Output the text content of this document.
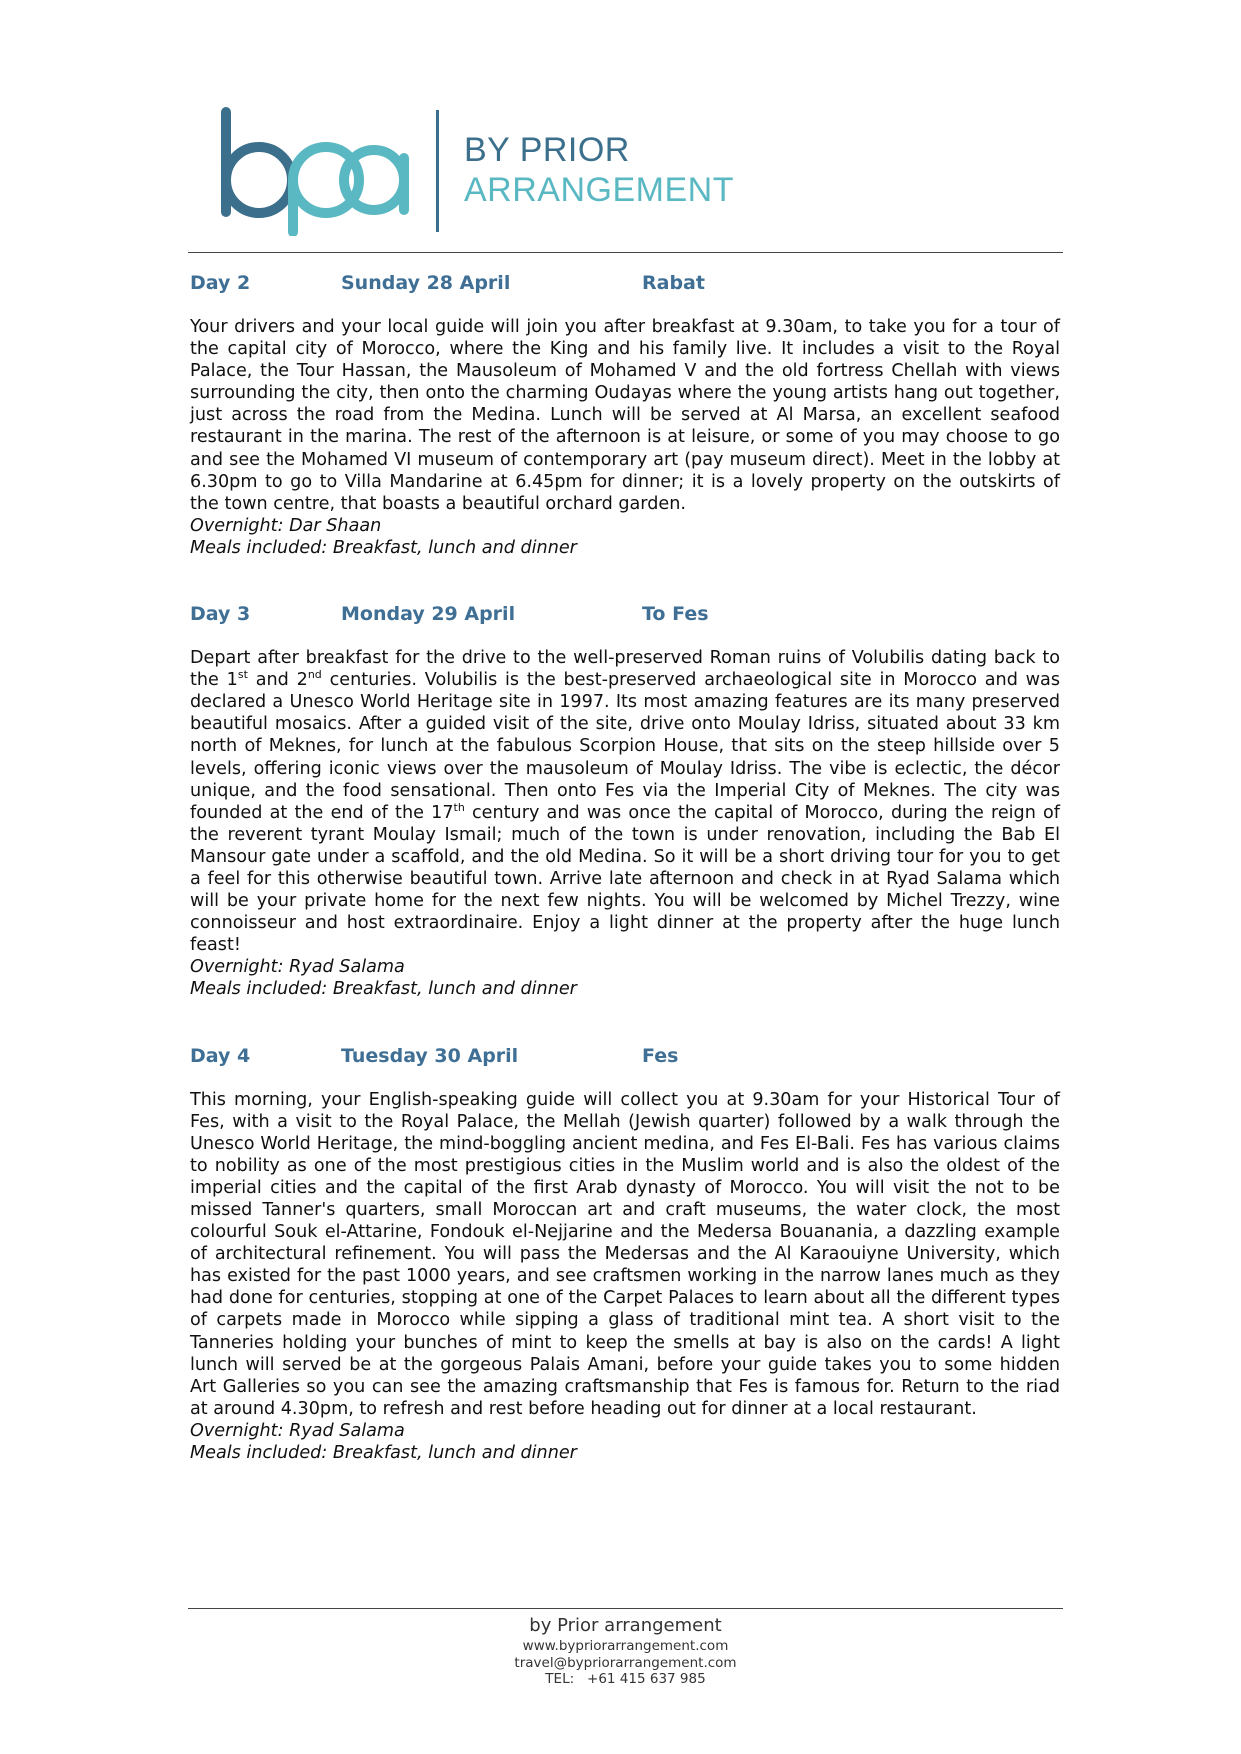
BY PRIOR
ARRANGEMENT
Day 2	Sunday 28 April	Rabat

Your drivers and your local guide will join you after breakfast at 9.30am, to take you for a tour of the capital city of Morocco, where the King and his family live. It includes a visit to the Royal Palace, the Tour Hassan, the Mausoleum of Mohamed V and the old fortress Chellah with views surrounding the city, then onto the charming Oudayas where the young artists hang out together, just across the road from the Medina. Lunch will be served at Al Marsa, an excellent seafood restaurant in the marina. The rest of the afternoon is at leisure, or some of you may choose to go and see the Mohamed VI museum of contemporary art (pay museum direct). Meet in the lobby at 6.30pm to go to Villa Mandarine at 6.45pm for dinner; it is a lovely property on the outskirts of the town centre, that boasts a beautiful orchard garden.

Overnight: Dar Shaan

Meals included: Breakfast, lunch and dinner

Day 3	Monday 29 April	To Fes

Depart after breakfast for the drive to the well-preserved Roman ruins of Volubilis dating back to the 1st and 2nd centuries. Volubilis is the best-preserved archaeological site in Morocco and was declared a Unesco World Heritage site in 1997. Its most amazing features are its many preserved beautiful mosaics. After a guided visit of the site, drive onto Moulay Idriss, situated about 33 km north of Meknes, for lunch at the fabulous Scorpion House, that sits on the steep hillside over 5 levels, offering iconic views over the mausoleum of Moulay Idriss. The vibe is eclectic, the décor unique, and the food sensational. Then onto Fes via the Imperial City of Meknes. The city was founded at the end of the 17th century and was once the capital of Morocco, during the reign of the reverent tyrant Moulay Ismail; much of the town is under renovation, including the Bab El Mansour gate under a scaffold, and the old Medina. So it will be a short driving tour for you to get a feel for this otherwise beautiful town. Arrive late afternoon and check in at Ryad Salama which will be your private home for the next few nights. You will be welcomed by Michel Trezzy, wine connoisseur and host extraordinaire. Enjoy a light dinner at the property after the huge lunch feast!

Overnight: Ryad Salama

Meals included: Breakfast, lunch and dinner

Day 4	Tuesday 30 April	Fes

This morning, your English-speaking guide will collect you at 9.30am for your Historical Tour of Fes, with a visit to the Royal Palace, the Mellah (Jewish quarter) followed by a walk through the Unesco World Heritage, the mind-boggling ancient medina, and Fes El-Bali. Fes has various claims to nobility as one of the most prestigious cities in the Muslim world and is also the oldest of the imperial cities and the capital of the first Arab dynasty of Morocco. You will visit the not to be missed Tanner's quarters, small Moroccan art and craft museums, the water clock, the most colourful Souk el-Attarine, Fondouk el-Nejjarine and the Medersa Bouanania, a dazzling example of architectural refinement. You will pass the Medersas and the Al Karaouiyne University, which has existed for the past 1000 years, and see craftsmen working in the narrow lanes much as they had done for centuries, stopping at one of the Carpet Palaces to learn about all the different types of carpets made in Morocco while sipping a glass of traditional mint tea. A short visit to the Tanneries holding your bunches of mint to keep the smells at bay is also on the cards! A light lunch will served be at the gorgeous Palais Amani, before your guide takes you to some hidden Art Galleries so you can see the amazing craftsmanship that Fes is famous for. Return to the riad at around 4.30pm, to refresh and rest before heading out for dinner at a local restaurant.

Overnight: Ryad Salama

Meals included: Breakfast, lunch and dinner

by Prior arrangement
www.bypriorarrangement.com
travel@bypriorarrangement.com
TEL:   +61 415 637 985
